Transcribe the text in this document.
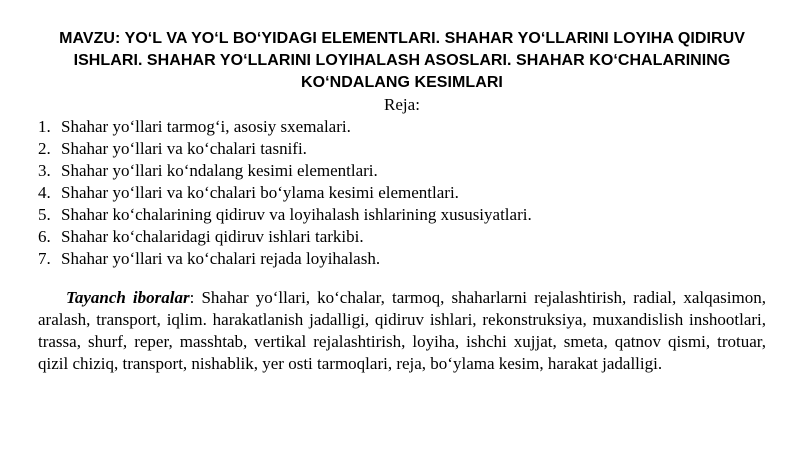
MAVZU: YO‘L VA YO‘L BO‘YIDAGI ELEMENTLARI. SHAHAR YO‘LLARINI LOYIHA QIDIRUV ISHLARI. SHAHAR YO‘LLARINI LOYIHALASH ASOSLARI. SHAHAR KO‘CHALARINING KO‘NDALANG KESIMLARI
Reja:
1. Shahar yo‘llari tarmog‘i, asosiy sxemalari.
2. Shahar yo‘llari va ko‘chalari tasnifi.
3. Shahar yo‘llari ko‘ndalang kesimi elementlari.
4. Shahar yo‘llari va ko‘chalari bo‘ylama kesimi elementlari.
5. Shahar ko‘chalarining qidiruv va loyihalash ishlarining xususiyatlari.
6. Shahar ko‘chalaridagi qidiruv ishlari tarkibi.
7. Shahar yo‘llari va ko‘chalari rejada loyihalash.

Tayanch iboralar: Shahar yo‘llari, ko‘chalar, tarmoq, shaharlarni rejalashtirish, radial, xalqasimon, aralash, transport, iqlim. harakatlanish jadalligi, qidiruv ishlari, rekonstruksiya, muxandislish inshootlari, trassa, shurf, reper, masshtab, vertikal rejalashtirish, loyiha, ishchi xujjat, smeta, qatnov qismi, trotuar, qizil chiziq, transport, nishablik, yer osti tarmoqlari, reja, bo‘ylama kesim, harakat jadalligi.
